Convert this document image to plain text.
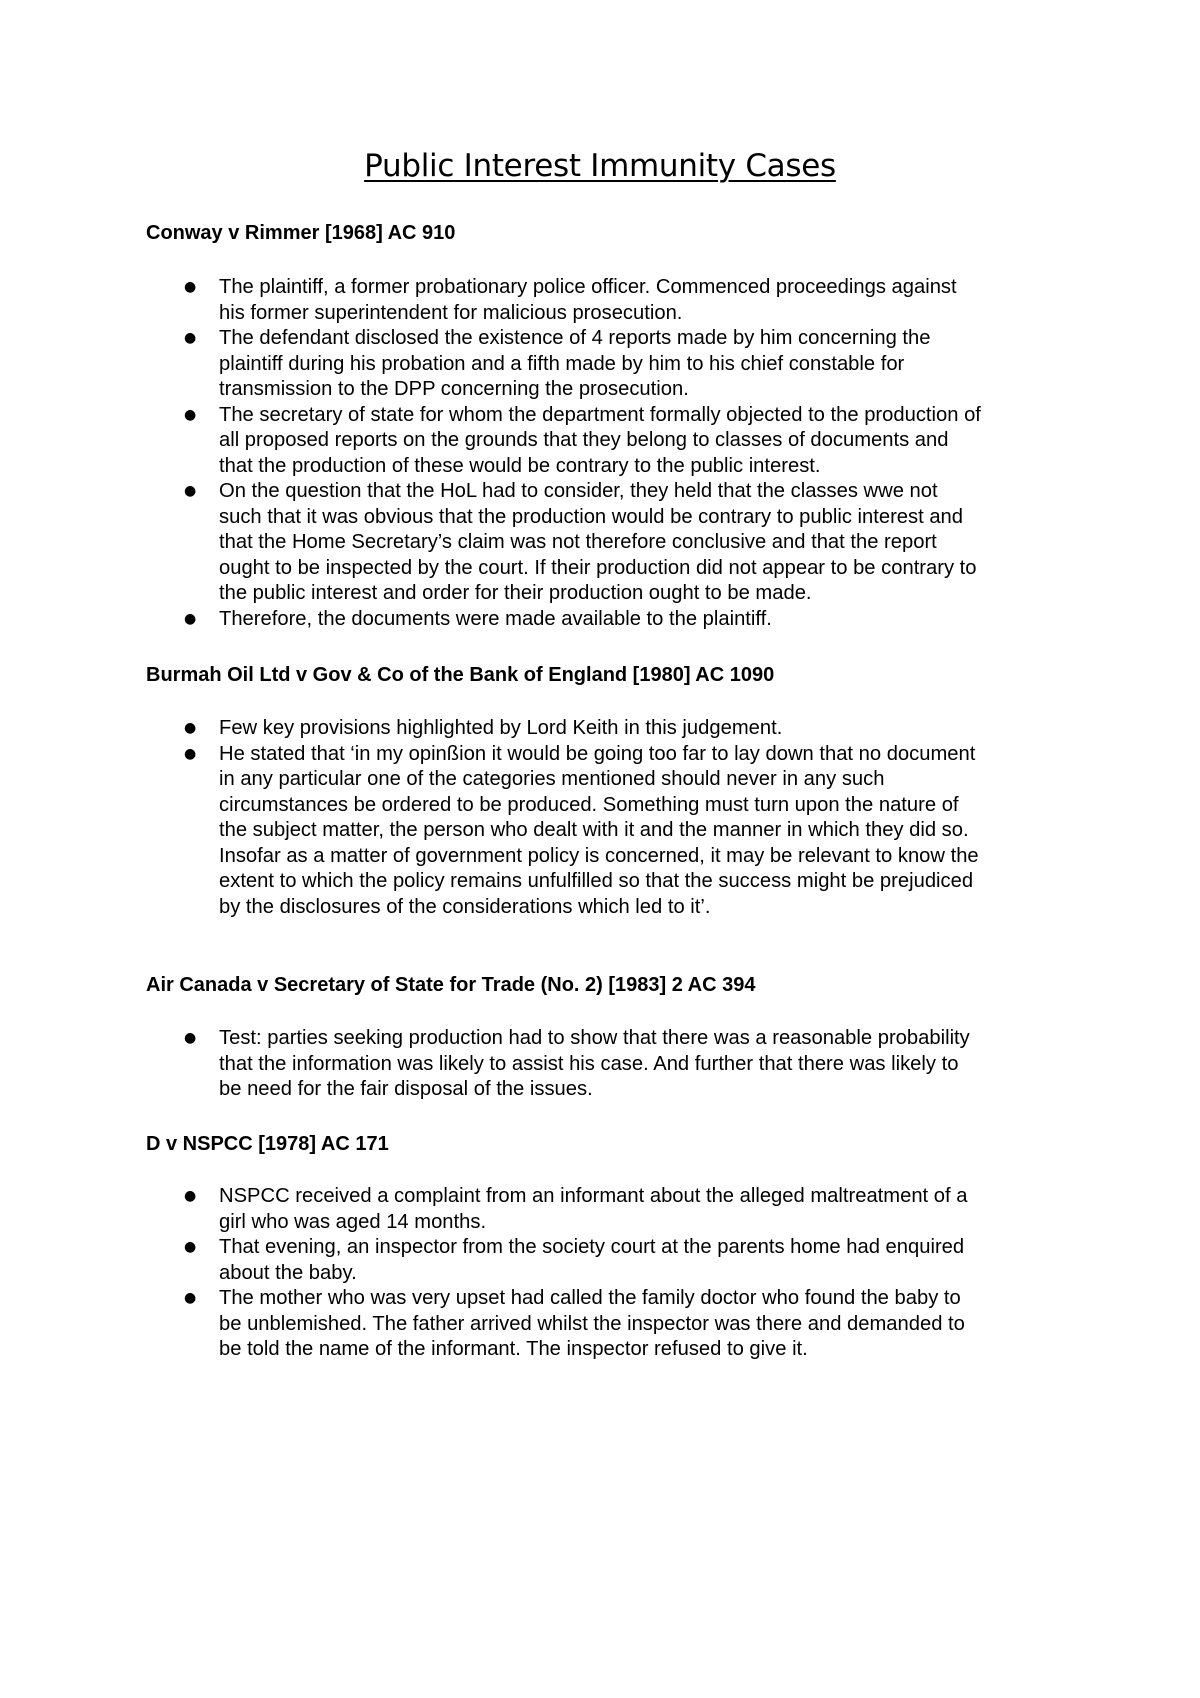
Public Interest Immunity Cases
Conway v Rimmer [1968] AC 910
● The plaintiff, a former probationary police officer. Commenced proceedings against
his former superintendent for malicious prosecution.
● The defendant disclosed the existence of 4 reports made by him concerning the
plaintiff during his probation and a fifth made by him to his chief constable for
transmission to the DPP concerning the prosecution.
● The secretary of state for whom the department formally objected to the production of
all proposed reports on the grounds that they belong to classes of documents and
that the production of these would be contrary to the public interest.
● On the question that the HoL had to consider, they held that the classes wwe not
such that it was obvious that the production would be contrary to public interest and
that the Home Secretary’s claim was not therefore conclusive and that the report
ought to be inspected by the court. If their production did not appear to be contrary to
the public interest and order for their production ought to be made.
● Therefore, the documents were made available to the plaintiff.
Burmah Oil Ltd v Gov & Co of the Bank of England [1980] AC 1090
● Few key provisions highlighted by Lord Keith in this judgement.
● He stated that ‘in my opinßion it would be going too far to lay down that no document
in any particular one of the categories mentioned should never in any such
circumstances be ordered to be produced. Something must turn upon the nature of
the subject matter, the person who dealt with it and the manner in which they did so.
Insofar as a matter of government policy is concerned, it may be relevant to know the
extent to which the policy remains unfulfilled so that the success might be prejudiced
by the disclosures of the considerations which led to it’.
Air Canada v Secretary of State for Trade (No. 2) [1983] 2 AC 394
● Test: parties seeking production had to show that there was a reasonable probability
that the information was likely to assist his case. And further that there was likely to
be need for the fair disposal of the issues.
D v NSPCC [1978] AC 171
● NSPCC received a complaint from an informant about the alleged maltreatment of a
girl who was aged 14 months.
● That evening, an inspector from the society court at the parents home had enquired
about the baby.
● The mother who was very upset had called the family doctor who found the baby to
be unblemished. The father arrived whilst the inspector was there and demanded to
be told the name of the informant. The inspector refused to give it.
